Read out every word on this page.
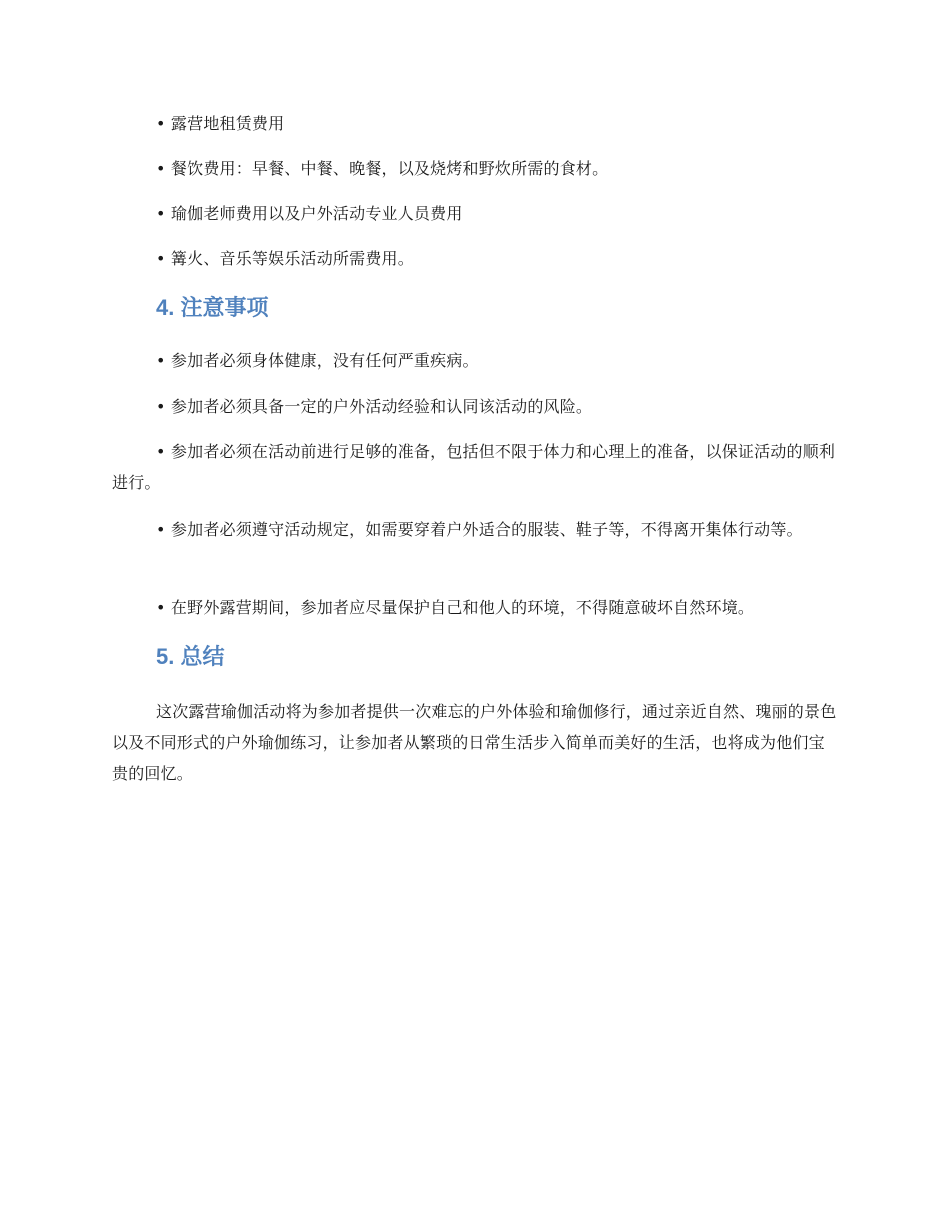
• 露营地租赁费用

• 餐饮费用：早餐、中餐、晚餐，以及烧烤和野炊所需的食材。

• 瑜伽老师费用以及户外活动专业人员费用

• 篝火、音乐等娱乐活动所需费用。

4. 注意事项

• 参加者必须身体健康，没有任何严重疾病。

• 参加者必须具备一定的户外活动经验和认同该活动的风险。

• 参加者必须在活动前进行足够的准备，包括但不限于体力和心理上的准备，以保证活动的顺利进行。

• 参加者必须遵守活动规定，如需要穿着户外适合的服装、鞋子等，不得离开集体行动等。

• 在野外露营期间，参加者应尽量保护自己和他人的环境，不得随意破坏自然环境。

5. 总结

这次露营瑜伽活动将为参加者提供一次难忘的户外体验和瑜伽修行，通过亲近自然、瑰丽的景色以及不同形式的户外瑜伽练习，让参加者从繁琐的日常生活步入简单而美好的生活，也将成为他们宝贵的回忆。
